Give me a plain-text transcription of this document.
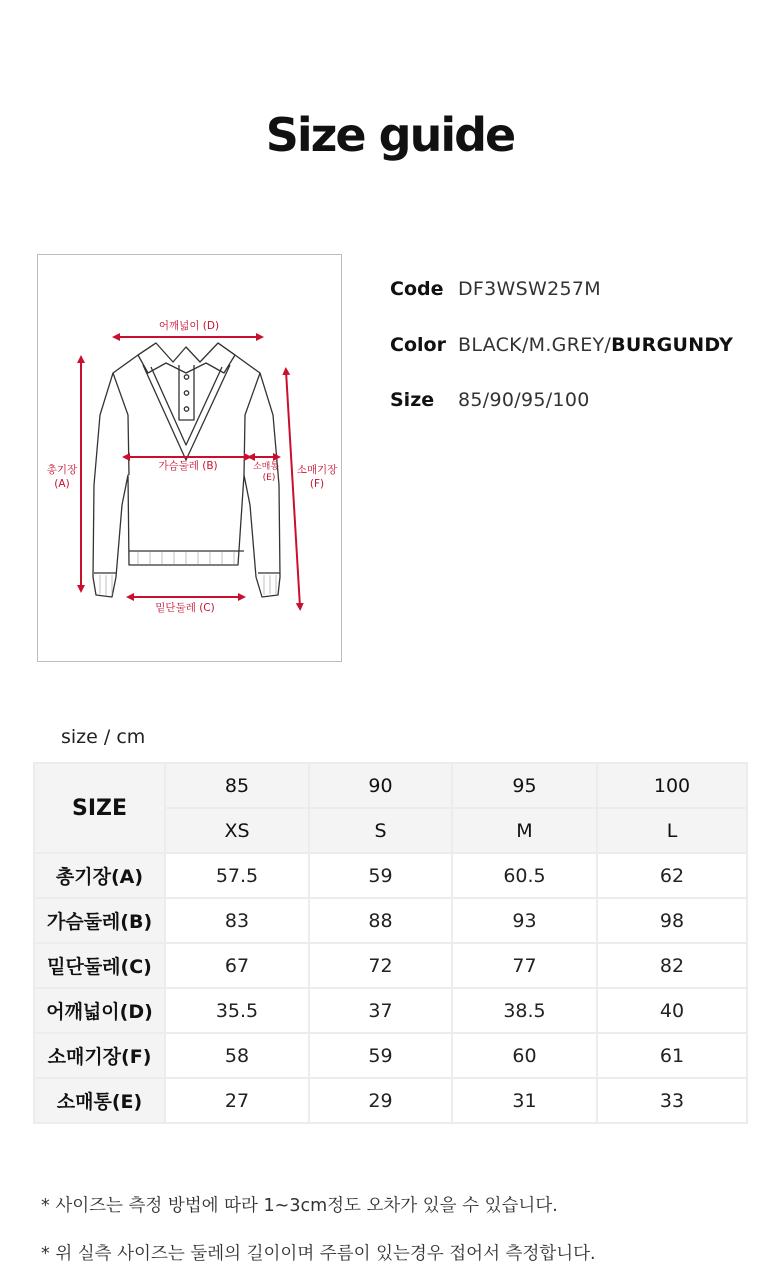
Size guide
어깨넓이 (D)
가슴둘레 (B)
밑단둘레 (C)
총기장
(A)
소매통
(E)
소매기장
(F)
Code DF3WSW257M
Color BLACK/M.GREY/BURGUNDY
Size	85/90/95/100
size / cm
SIZE	85	90	95	100
	XS	S	M	L
총기장(A)	57.5	59	60.5	62
가슴둘레(B)	83	88	93	98
밑단둘레(C)	67	72	77	82
어깨넓이(D)	35.5	37	38.5	40
소매기장(F)	58	59	60	61
소매통(E)	27	29	31	33

* 사이즈는 측정 방법에 따라 1~3cm정도 오차가 있을 수 있습니다.

* 위 실측 사이즈는 둘레의 길이이며 주름이 있는경우 접어서 측정합니다.
